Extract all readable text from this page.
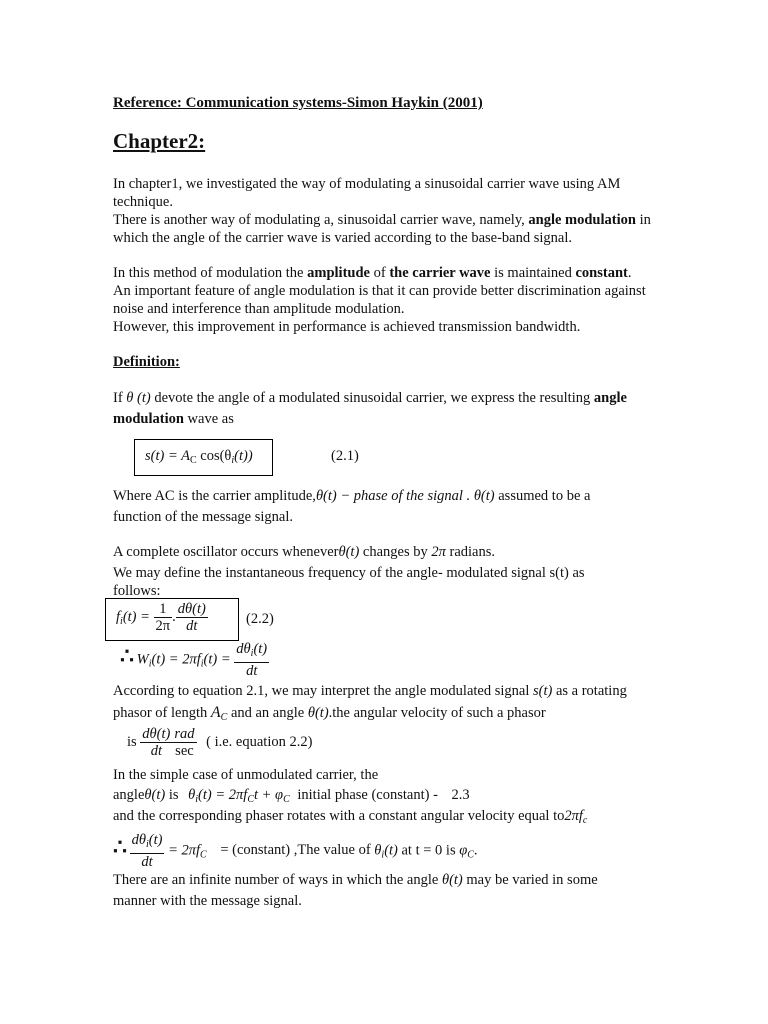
Reference: Communication systems-Simon Haykin (2001)
Chapter2:
In chapter1, we investigated the way of modulating a sinusoidal carrier wave using AM technique.
There is another way of modulating a, sinusoidal carrier wave, namely, angle modulation in which the angle of the carrier wave is varied according to the base-band signal.
In this method of modulation the amplitude of the carrier wave is maintained constant.
An important feature of angle modulation is that it can provide better discrimination against noise and interference than amplitude modulation.
However, this improvement in performance is achieved transmission bandwidth.
Definition:
If θ (t) devote the angle of a modulated sinusoidal carrier, we express the resulting angle
modulation wave as
$s(t) = A_C$ $\cos(\theta_i(t))$	(2.1)
Where AC is the carrier amplitude,θ(t) − phase of the signal . θ(t) assumed to be a
function of the message signal.
A complete oscillator occurs wheneverθ(t) changes by 2π radians.
We may define the instantaneous frequency of the angle- modulated signal s(t) as
follows:
$f_i(t) = \frac{1}{2\pi}$ . $\frac{d\theta(t)}{dt}$	(2.2)
∴ $W_i(t) = 2\pi f_i(t) = \frac{d\theta_i(t)}{dt}$
According to equation 2.1, we may interpret the angle modulated signal s(t) as a rotating
phasor of length $A_C$ and an angle θ(t).the angular velocity of such a phasor
is $\frac{d\theta(t)}{dt} \frac{\text{rad}}{\sec}$ ( i.e. equation 2.2)
In the simple case of unmodulated carrier, the
angleθ(t) is $\theta_i(t) = 2\pi f_Ct + \varphi_C$ initial phase (constant) - 2.3
and the corresponding phaser rotates with a constant angular velocity equal $to2\pi f_c$
∴ $\frac{d\theta_i(t)}{dt} = 2\pi f_C$ = (constant) ,The value of $\theta_i(t)$ at t = 0 is $\varphi_C$.
There are an infinite number of ways in which the angle θ(t) may be varied in some
manner with the message signal.
